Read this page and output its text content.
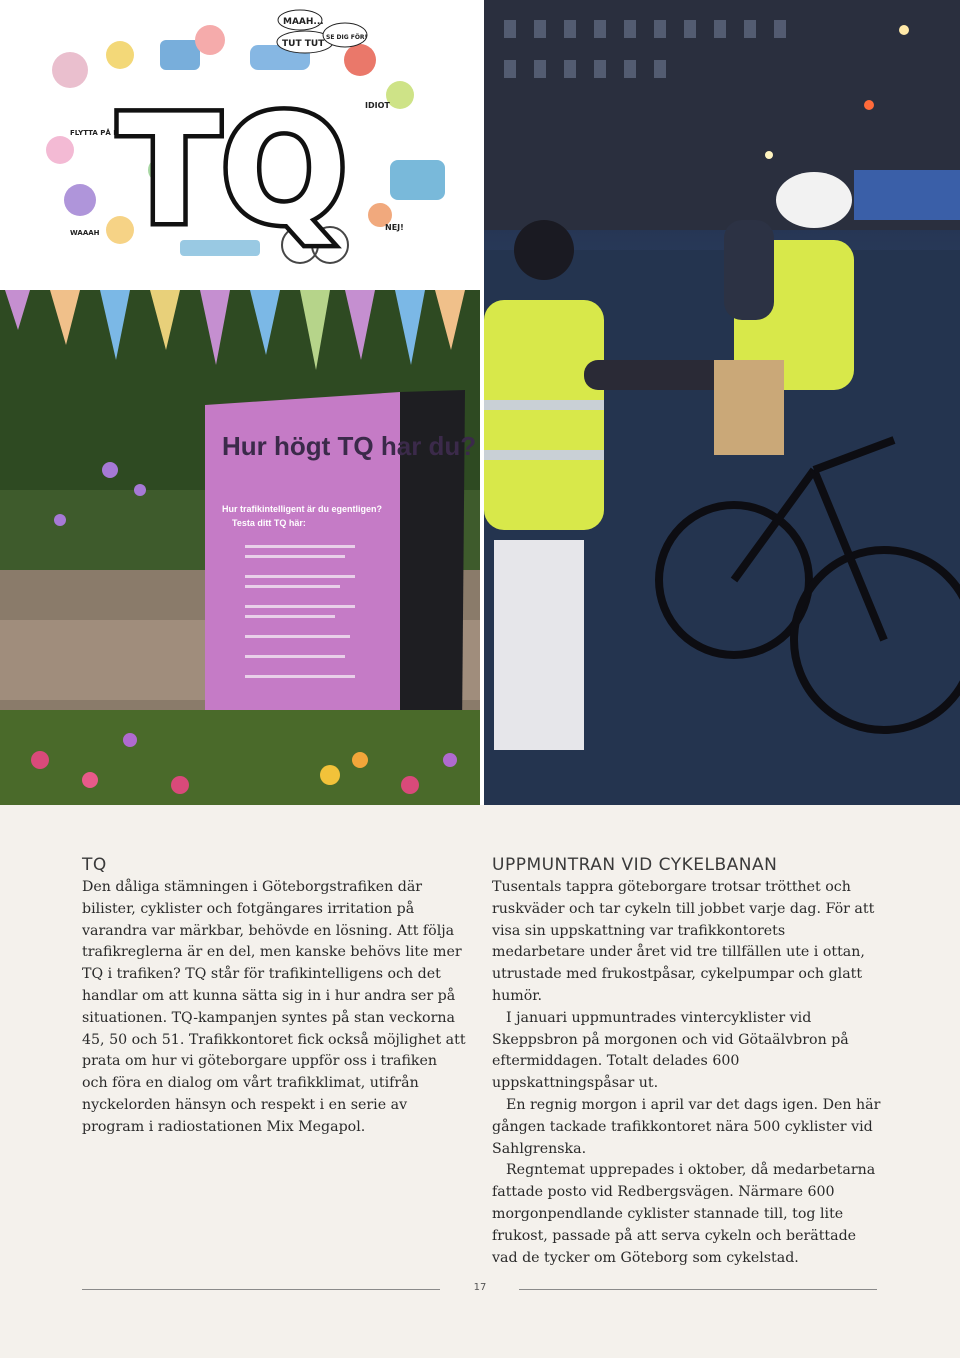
MAAH...
TUT TUT
SE DIG FÖR!
IDIOT
FLYTTA PÅ DIG
WAAAH
NEJ!
TQ
Hur högt TQ har du?
Hur trafikintelligent är du egentligen?
Testa ditt TQ här:
TQ

Den dåliga stämningen i Göteborgstrafiken där bilister, cyklister och fotgängares irritation på varandra var märkbar, behövde en lösning. Att följa trafikreglerna är en del, men kanske behövs lite mer TQ i trafiken? TQ står för trafikintelligens och det handlar om att kunna sätta sig in i hur andra ser på situationen. TQ-kampanjen syntes på stan veckorna 45, 50 och 51. Trafikkontoret fick också möjlighet att prata om hur vi göteborgare uppför oss i trafiken och föra en dialog om vårt trafikklimat, utifrån nyckelorden hänsyn och respekt i en serie av program i radiostationen Mix Megapol.

UPPMUNTRAN VID CYKELBANAN

Tusentals tappra göteborgare trotsar trötthet och ruskväder och tar cykeln till jobbet varje dag. För att visa sin uppskattning var trafikkontorets medarbetare under året vid tre tillfällen ute i ottan, utrustade med frukostpåsar, cykelpumpar och glatt humör.

I januari uppmuntrades vintercyklister vid Skeppsbron på morgonen och vid Götaälvbron på eftermiddagen. Totalt delades 600 uppskattningspåsar ut.

En regnig morgon i april var det dags igen. Den här gången tackade trafikkontoret nära 500 cyklister vid Sahlgrenska.

Regntemat upprepades i oktober, då medarbetarna fattade posto vid Redbergsvägen. Närmare 600 morgonpendlande cyklister stannade till, tog lite frukost, passade på att serva cykeln och berättade vad de tycker om Göteborg som cykelstad.

17
